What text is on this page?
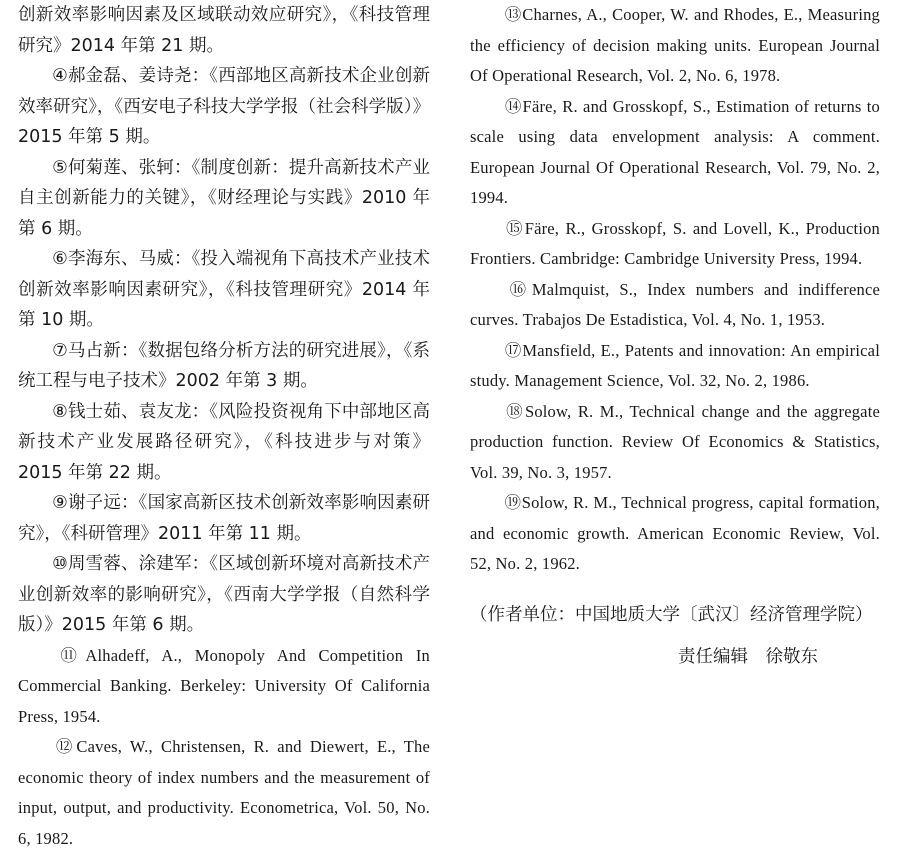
创新效率影响因素及区域联动效应研究》，《科技管理研究》2014 年第 21 期。

④郝金磊、姜诗尧：《西部地区高新技术企业创新效率研究》，《西安电子科技大学学报（社会科学版）》2015 年第 5 期。

⑤何菊莲、张轲：《制度创新：提升高新技术产业自主创新能力的关键》，《财经理论与实践》2010 年第 6 期。

⑥李海东、马威：《投入端视角下高技术产业技术创新效率影响因素研究》，《科技管理研究》2014 年第 10 期。

⑦马占新：《数据包络分析方法的研究进展》，《系统工程与电子技术》2002 年第 3 期。

⑧钱士茹、袁友龙：《风险投资视角下中部地区高新技术产业发展路径研究》，《科技进步与对策》2015 年第 22 期。

⑨谢子远：《国家高新区技术创新效率影响因素研究》，《科研管理》2011 年第 11 期。

⑩周雪蓉、涂建军：《区域创新环境对高新技术产业创新效率的影响研究》，《西南大学学报（自然科学版）》2015 年第 6 期。

⑪Alhadeff, A., Monopoly And Competition In Commercial Banking. Berkeley: University Of California Press, 1954.

⑫Caves, W., Christensen, R. and Diewert, E., The economic theory of index numbers and the measurement of input, output, and productivity. Econometrica, Vol. 50, No. 6, 1982.

⑬Charnes, A., Cooper, W. and Rhodes, E., Measuring the efficiency of decision making units. European Journal Of Operational Research, Vol. 2, No. 6, 1978.

⑭Färe, R. and Grosskopf, S., Estimation of returns to scale using data envelopment analysis: A comment. European Journal Of Operational Research, Vol. 79, No. 2, 1994.

⑮Färe, R., Grosskopf, S. and Lovell, K., Production Frontiers. Cambridge: Cambridge University Press, 1994.

⑯Malmquist, S., Index numbers and indifference curves. Trabajos De Estadistica, Vol. 4, No. 1, 1953.

⑰Mansfield, E., Patents and innovation: An empirical study. Management Science, Vol. 32, No. 2, 1986.

⑱Solow, R. M., Technical change and the aggregate production function. Review Of Economics & Statistics, Vol. 39, No. 3, 1957.

⑲Solow, R. M., Technical progress, capital formation, and economic growth. American Economic Review, Vol. 52, No. 2, 1962.

（作者单位：中国地质大学〔武汉〕经济管理学院）

责任编辑　徐敬东
